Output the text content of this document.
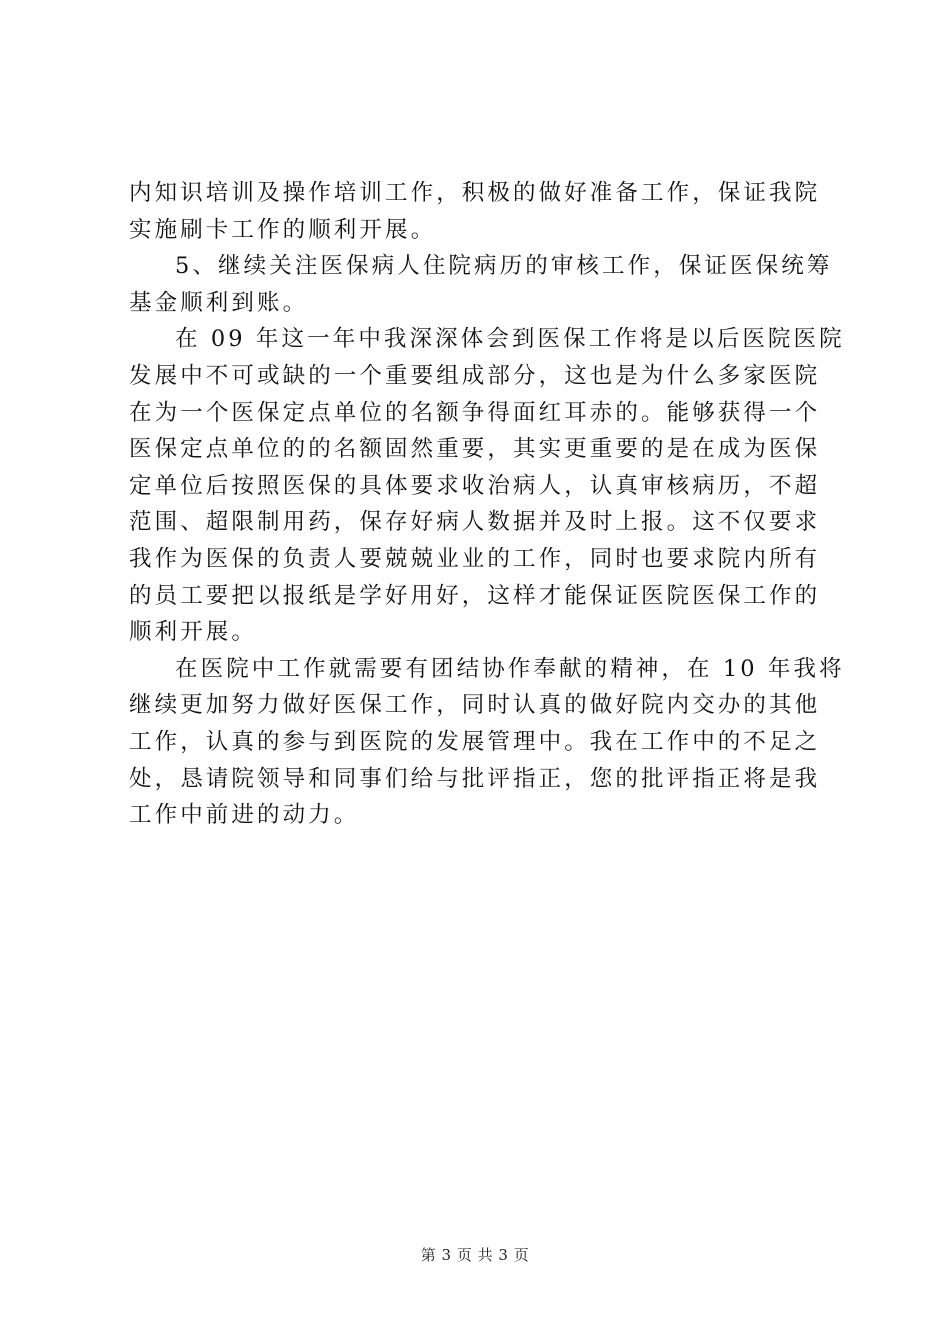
内知识培训及操作培训工作，积极的做好准备工作，保证我院
实施刷卡工作的顺利开展。
5、继续关注医保病人住院病历的审核工作，保证医保统筹
基金顺利到账。
在 09 年这一年中我深深体会到医保工作将是以后医院医院
发展中不可或缺的一个重要组成部分，这也是为什么多家医院
在为一个医保定点单位的名额争得面红耳赤的。能够获得一个
医保定点单位的的名额固然重要，其实更重要的是在成为医保
定单位后按照医保的具体要求收治病人，认真审核病历，不超
范围、超限制用药，保存好病人数据并及时上报。这不仅要求
我作为医保的负责人要兢兢业业的工作，同时也要求院内所有
的员工要把以报纸是学好用好，这样才能保证医院医保工作的
顺利开展。
在医院中工作就需要有团结协作奉献的精神，在 10 年我将
继续更加努力做好医保工作，同时认真的做好院内交办的其他
工作，认真的参与到医院的发展管理中。我在工作中的不足之
处，恳请院领导和同事们给与批评指正，您的批评指正将是我
工作中前进的动力。
第 3 页 共 3 页
